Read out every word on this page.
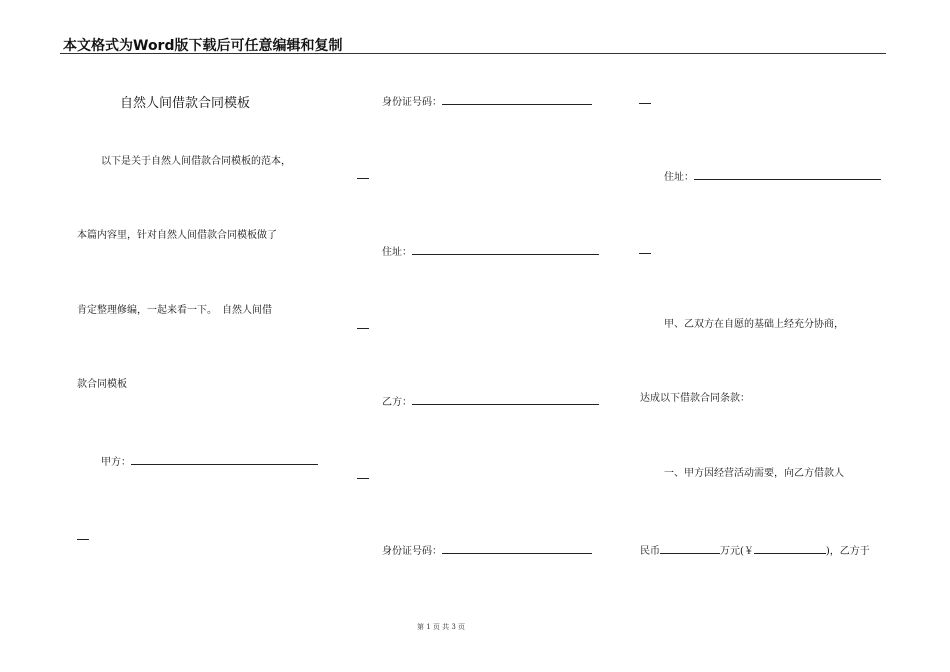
本文格式为Word版下载后可任意编辑和复制
自然人间借款合同模板
以下是关于自然人间借款合同模板的范本，
本篇内容里，针对自然人间借款合同模板做了
肯定整理修编，一起来看一下。　自然人间借
款合同模板
甲方：
身份证号码：
住址：
乙方：
身份证号码：
住址：
甲、乙双方在自愿的基础上经充分协商，
达成以下借款合同条款：
一、甲方因经营活动需要，向乙方借款人
民币	万元(￥	)，乙方于
第 1 页 共 3 页
